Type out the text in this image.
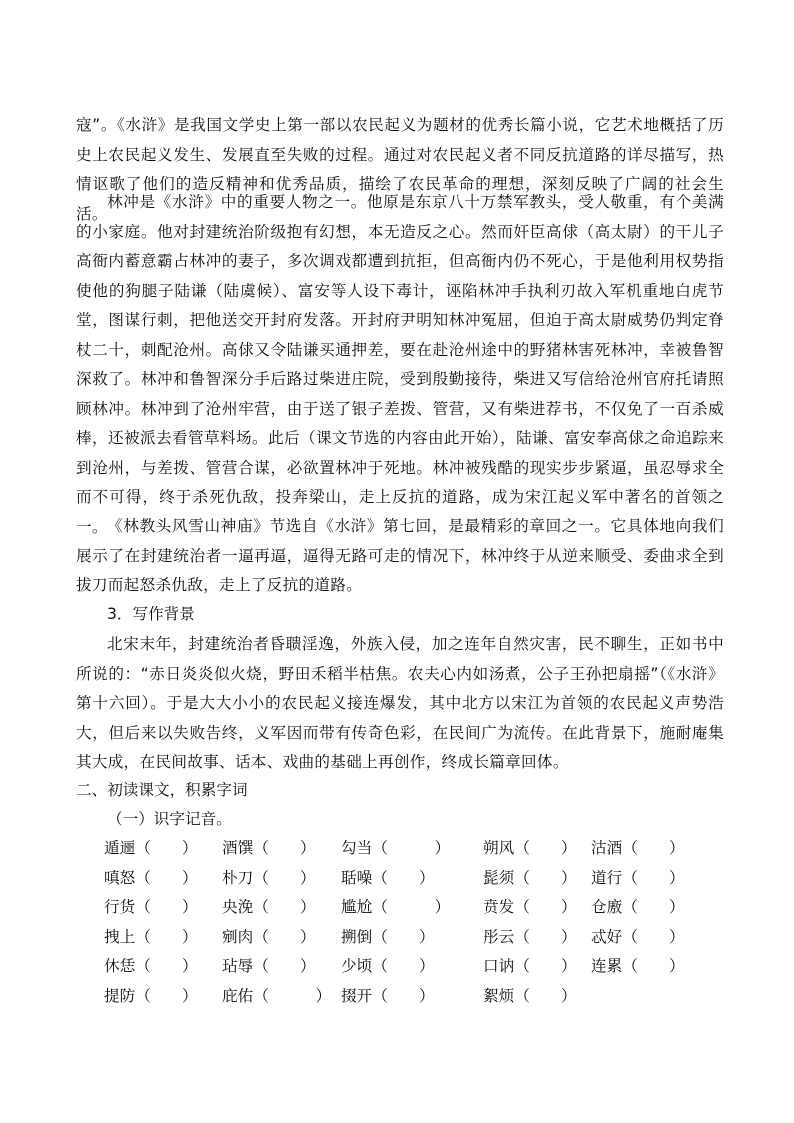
寇”。《水浒》是我国文学史上第一部以农民起义为题材的优秀长篇小说，它艺术地概括了历史上农民起义发生、发展直至失败的过程。通过对农民起义者不同反抗道路的详尽描写，热情讴歌了他们的造反精神和优秀品质，描绘了农民革命的理想，深刻反映了广阔的社会生活。

林冲是《水浒》中的重要人物之一。他原是东京八十万禁军教头，受人敬重，有个美满的小家庭。他对封建统治阶级抱有幻想，本无造反之心。然而奸臣高俅（高太尉）的干儿子高衙内蓄意霸占林冲的妻子，多次调戏都遭到抗拒，但高衙内仍不死心，于是他利用权势指使他的狗腿子陆谦（陆虞候）、富安等人设下毒计，诬陷林冲手执利刃故入军机重地白虎节堂，图谋行刺，把他送交开封府发落。开封府尹明知林冲冤屈，但迫于高太尉威势仍判定脊杖二十，刺配沧州。高俅又令陆谦买通押差，要在赴沧州途中的野猪林害死林冲，幸被鲁智深救了。林冲和鲁智深分手后路过柴进庄院，受到殷勤接待，柴进又写信给沧州官府托请照顾林冲。林冲到了沧州牢营，由于送了银子差拨、管营，又有柴进荐书，不仅免了一百杀威棒，还被派去看管草料场。此后（课文节选的内容由此开始），陆谦、富安奉高俅之命追踪来到沧州，与差拨、管营合谋，必欲置林冲于死地。林冲被残酷的现实步步紧逼，虽忍辱求全而不可得，终于杀死仇敌，投奔梁山，走上反抗的道路，成为宋江起义军中著名的首领之一。 《林教头风雪山神庙》节选自《水浒》第七回，是最精彩的章回之一。它具体地向我们展示了在封建统治者一逼再逼，逼得无路可走的情况下，林冲终于从逆来顺受、委曲求全到拔刀而起怒杀仇敌，走上了反抗的道路。

3．写作背景

北宋末年，封建统治者昏聩淫逸，外族入侵，加之连年自然灾害，民不聊生，正如书中所说的：“赤日炎炎似火烧，野田禾稻半枯焦。农夫心内如汤煮，公子王孙把扇摇”（《水浒》第十六回）。于是大大小小的农民起义接连爆发，其中北方以宋江为首领的农民起义声势浩大，但后来以失败告终，义军因而带有传奇色彩，在民间广为流传。在此背景下，施耐庵集其大成，在民间故事、话本、戏曲的基础上再创作，终成长篇章回体。

二、初读课文，积累字词

（一）识字记音。

遁逦（　　） 酒馔（　　） 勾当（　　　） 朔风（　　） 沽酒（　　）
嗔怒（　　） 朴刀（　　） 聒噪（　　）	髭须（　　） 道行（　　）
行货（　　） 央浼（　　） 尴尬（　　　） 贲发（　　） 仓廒（　　）
拽上（　　） 剜肉（　　） 搠倒（　　）	彤云（　　） 忒好（　　）
休恁（　　） 玷辱（　　） 少顷（　　）	口讷（　　） 连累（　　）
提防（　　） 庇佑（　　　） 掇开（　　）	絮烦（　　）
